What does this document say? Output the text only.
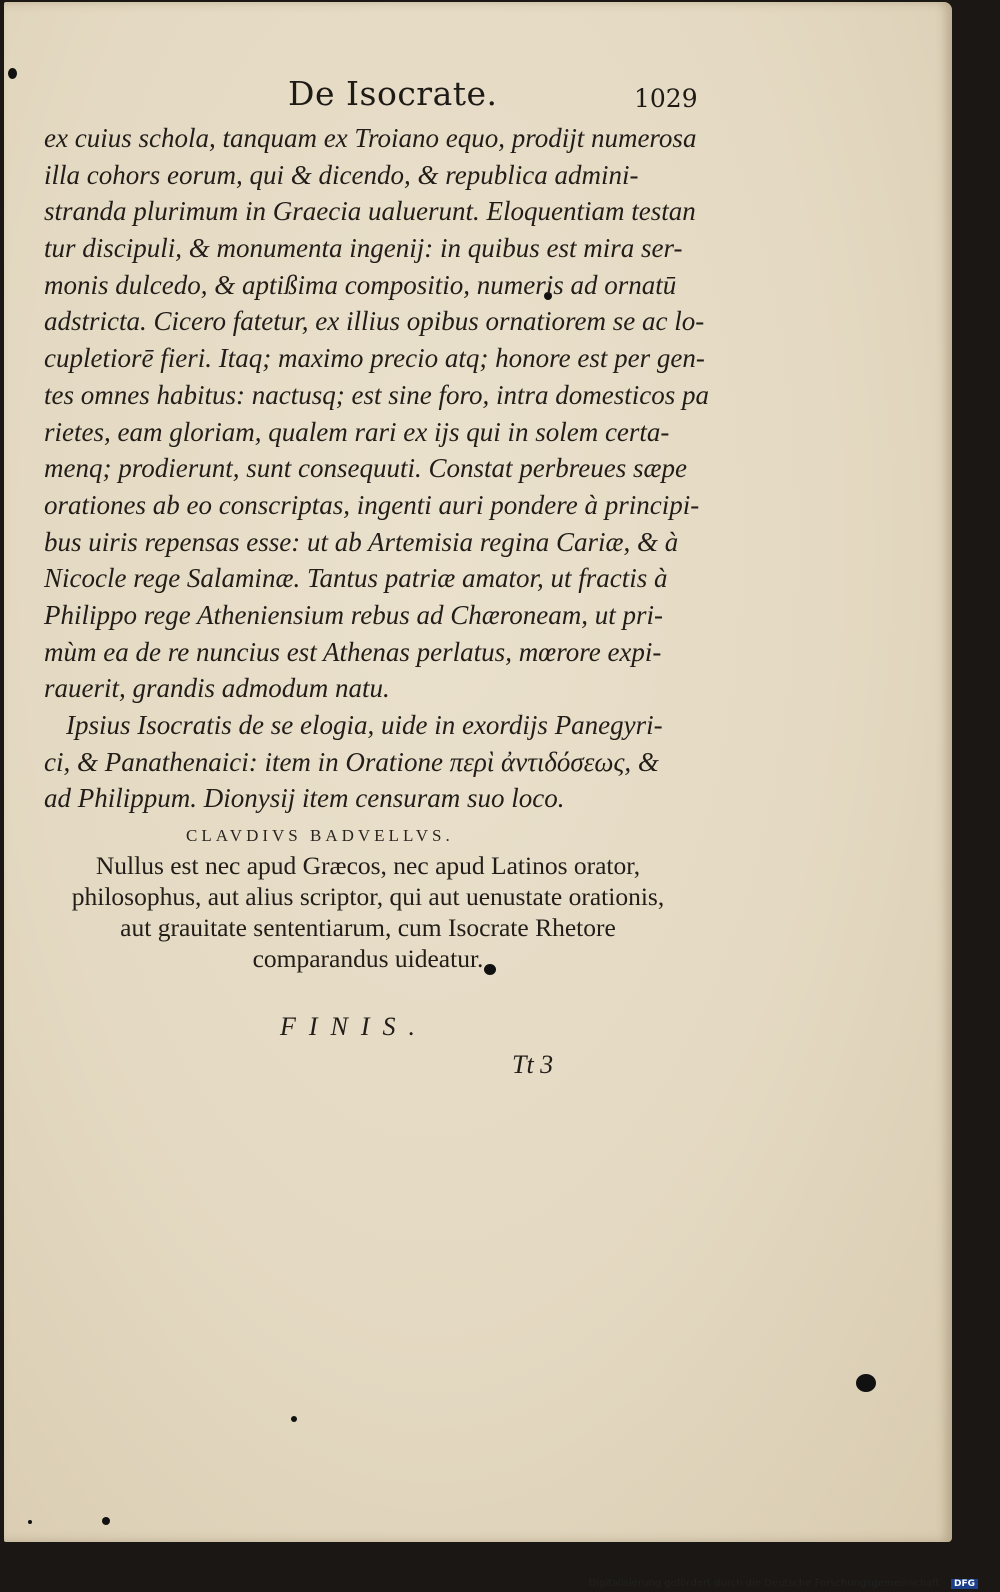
De Isocrate.	1029
ex cuius schola, tanquam ex Troiano equo, prodijt numerosa
illa cohors eorum, qui & dicendo, & republica admini-
stranda plurimum in Graecia ualuerunt. Eloquentiam testan
tur discipuli, & monumenta ingenij: in quibus est mira ser-
monis dulcedo, & aptißima compositio, numeris ad ornatū
adstricta. Cicero fatetur, ex illius opibus ornatiorem se ac lo-
cupletiorē fieri. Itaq; maximo precio atq; honore est per gen-
tes omnes habitus: nactusq; est sine foro, intra domesticos pa
rietes, eam gloriam, qualem rari ex ijs qui in solem certa-
menq; prodierunt, sunt consequuti. Constat perbreues sæpe
orationes ab eo conscriptas, ingenti auri pondere à principi-
bus uiris repensas esse: ut ab Artemisia regina Cariæ, & à
Nicocle rege Salaminæ. Tantus patriæ amator, ut fractis à
Philippo rege Atheniensium rebus ad Chæroneam, ut pri-
mùm ea de re nuncius est Athenas perlatus, mœrore expi-
rauerit, grandis admodum natu.
Ipsius Isocratis de se elogia, uide in exordijs Panegyri-
ci, & Panathenaici: item in Oratione περὶ ἀντιδόσεως, &
ad Philippum. Dionysij item censuram suo loco.
CLAVDIVS BADVELLVS.
Nullus est nec apud Græcos, nec apud Latinos orator,
philosophus, aut alius scriptor, qui aut uenustate orationis,
aut grauitate sententiarum, cum Isocrate Rhetore
comparandus uideatur.
FINIS.
Tt 3
Digitalisierung gefördert durch die Deutsche Forschungsgemeinschaft · DFG
